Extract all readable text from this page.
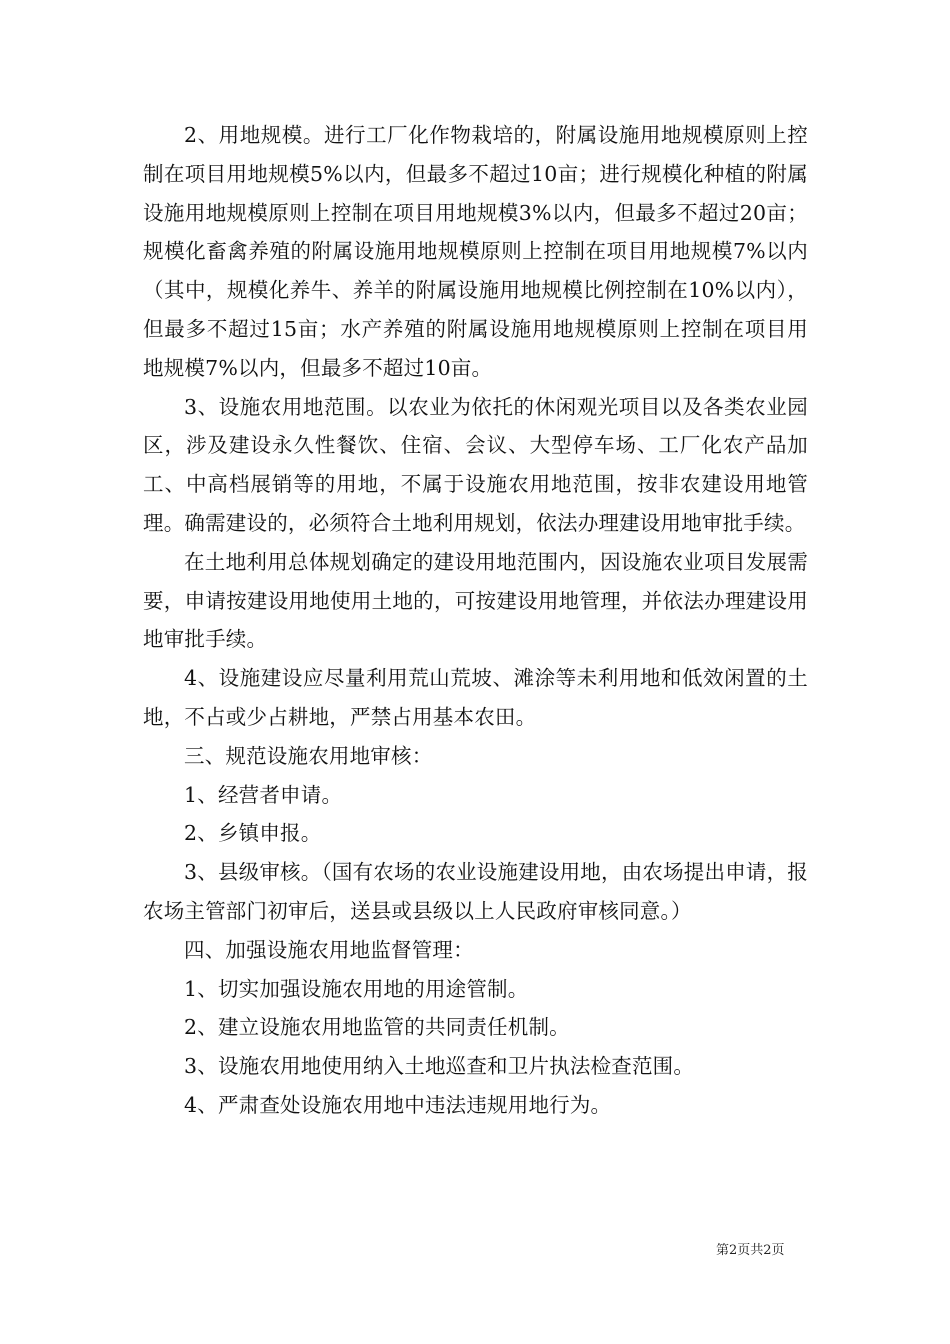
2、用地规模。进行工厂化作物栽培的，附属设施用地规模原则上控制在项目用地规模5%以内，但最多不超过10亩；进行规模化种植的附属设施用地规模原则上控制在项目用地规模3%以内，但最多不超过20亩；规模化畜禽养殖的附属设施用地规模原则上控制在项目用地规模7%以内（其中，规模化养牛、养羊的附属设施用地规模比例控制在10%以内），但最多不超过15亩；水产养殖的附属设施用地规模原则上控制在项目用地规模7%以内，但最多不超过10亩。

3、设施农用地范围。以农业为依托的休闲观光项目以及各类农业园区，涉及建设永久性餐饮、住宿、会议、大型停车场、工厂化农产品加工、中高档展销等的用地，不属于设施农用地范围，按非农建设用地管理。确需建设的，必须符合土地利用规划，依法办理建设用地审批手续。

在土地利用总体规划确定的建设用地范围内，因设施农业项目发展需要，申请按建设用地使用土地的，可按建设用地管理，并依法办理建设用地审批手续。

4、设施建设应尽量利用荒山荒坡、滩涂等未利用地和低效闲置的土地，不占或少占耕地，严禁占用基本农田。

三、规范设施农用地审核：

1、经营者申请。

2、乡镇申报。

3、县级审核。（国有农场的农业设施建设用地，由农场提出申请，报农场主管部门初审后，送县或县级以上人民政府审核同意。）

四、加强设施农用地监督管理：

1、切实加强设施农用地的用途管制。

2、建立设施农用地监管的共同责任机制。

3、设施农用地使用纳入土地巡查和卫片执法检查范围。

4、严肃查处设施农用地中违法违规用地行为。

第2页共2页
